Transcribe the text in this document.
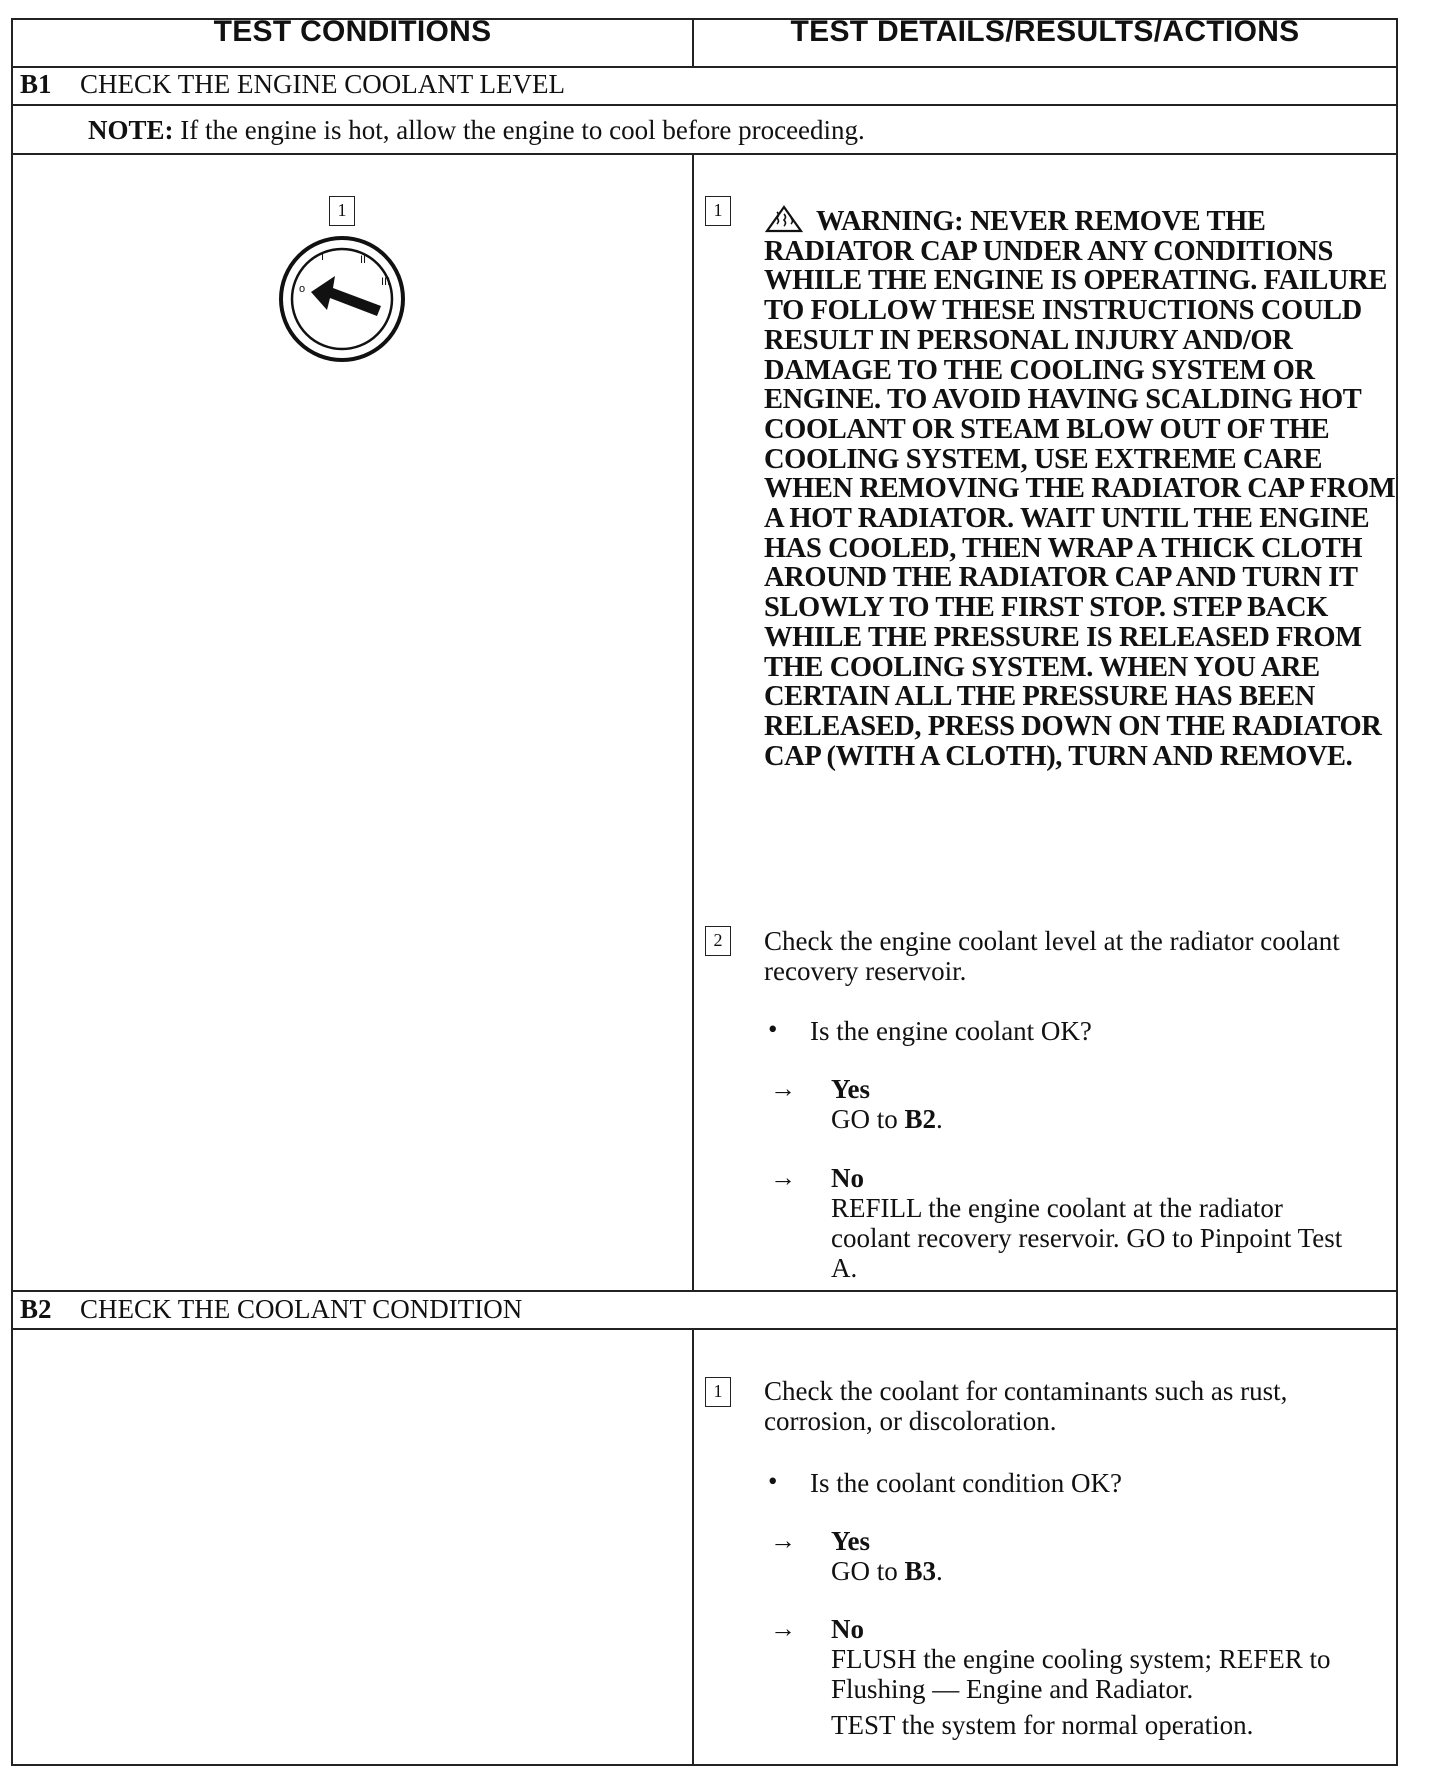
TEST CONDITIONS	TEST DETAILS/RESULTS/ACTIONS
B1 CHECK THE ENGINE COOLANT LEVEL
NOTE: If the engine is hot, allow the engine to cool before proceeding.
1
o
I	II
III
1	WARNING: NEVER REMOVE THE RADIATOR CAP UNDER ANY CONDITIONS WHILE THE ENGINE IS OPERATING. FAILURE TO FOLLOW THESE INSTRUCTIONS COULD RESULT IN PERSONAL INJURY AND/OR DAMAGE TO THE COOLING SYSTEM OR ENGINE. TO AVOID HAVING SCALDING HOT COOLANT OR STEAM BLOW OUT OF THE COOLING SYSTEM, USE EXTREME CARE WHEN REMOVING THE RADIATOR CAP FROM A HOT RADIATOR. WAIT UNTIL THE ENGINE HAS COOLED, THEN WRAP A THICK CLOTH AROUND THE RADIATOR CAP AND TURN IT SLOWLY TO THE FIRST STOP. STEP BACK WHILE THE PRESSURE IS RELEASED FROM THE COOLING SYSTEM. WHEN YOU ARE CERTAIN ALL THE PRESSURE HAS BEEN RELEASED, PRESS DOWN ON THE RADIATOR CAP (WITH A CLOTH), TURN AND REMOVE.
2	Check the engine coolant level at the radiator coolant recovery reservoir.
• Is the engine coolant OK?
→ Yes
GO to B2.
→ No
REFILL the engine coolant at the radiator coolant recovery reservoir. GO to Pinpoint Test A.
B2 CHECK THE COOLANT CONDITION
1	Check the coolant for contaminants such as rust, corrosion, or discoloration.
• Is the coolant condition OK?
→ Yes
GO to B3.
→ No
FLUSH the engine cooling system; REFER to Flushing — Engine and Radiator.
TEST the system for normal operation.
